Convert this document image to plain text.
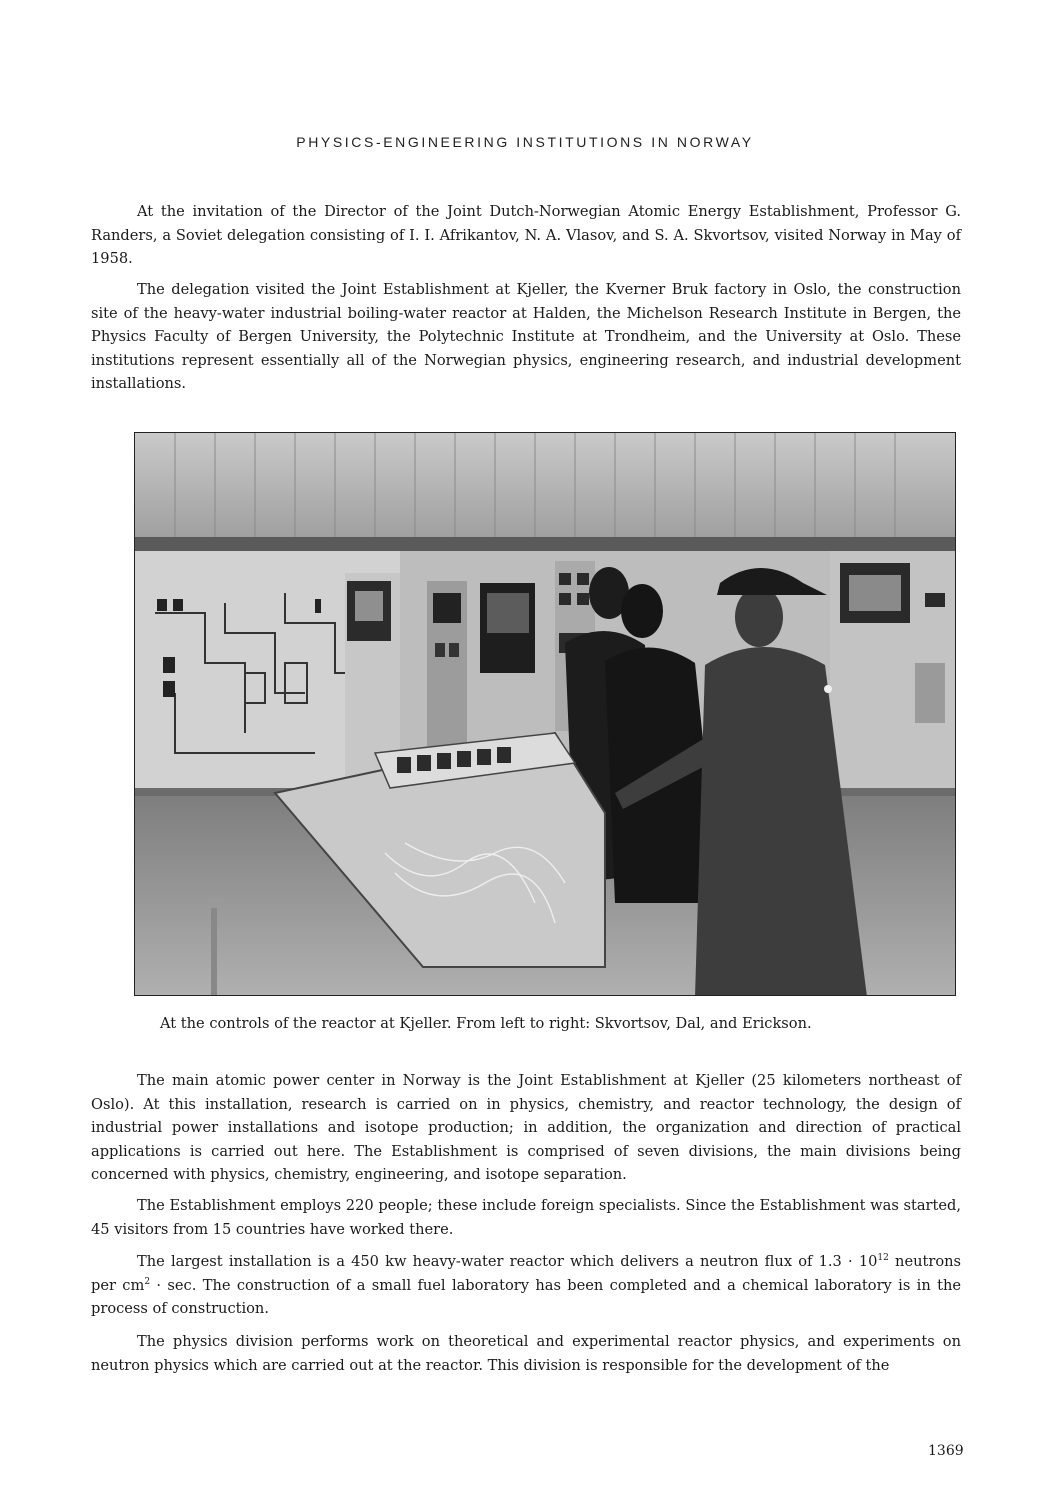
PHYSICS-ENGINEERING INSTITUTIONS IN NORWAY

At the invitation of the Director of the Joint Dutch-Norwegian Atomic Energy Establishment, Professor G. Randers, a Soviet delegation consisting of I. I. Afrikantov, N. A. Vlasov, and S. A. Skvortsov, visited Norway in May of 1958.

The delegation visited the Joint Establishment at Kjeller, the Kverner Bruk factory in Oslo, the construction site of the heavy-water industrial boiling-water reactor at Halden, the Michelson Research Institute in Bergen, the Physics Faculty of Bergen University, the Polytechnic Institute at Trondheim, and the University at Oslo. These institutions represent essentially all of the Norwegian physics, engineering research, and industrial development installations.

At the controls of the reactor at Kjeller. From left to right: Skvortsov, Dal, and Erickson.

The main atomic power center in Norway is the Joint Establishment at Kjeller (25 kilometers northeast of Oslo). At this installation, research is carried on in physics, chemistry, and reactor technology, the design of industrial power installations and isotope production; in addition, the organization and direction of practical applications is carried out here. The Establishment is comprised of seven divisions, the main divisions being concerned with physics, chemistry, engineering, and isotope separation.

The Establishment employs 220 people; these include foreign specialists. Since the Establishment was started, 45 visitors from 15 countries have worked there.

The largest installation is a 450 kw heavy-water reactor which delivers a neutron flux of $1.3 \cdot 10^{12}$ neutrons per $cm^2 \cdot \sec$. The construction of a small fuel laboratory has been completed and a chemical laboratory is in the process of construction.

The physics division performs work on theoretical and experimental reactor physics, and experiments on neutron physics which are carried out at the reactor. This division is responsible for the development of the

1369
